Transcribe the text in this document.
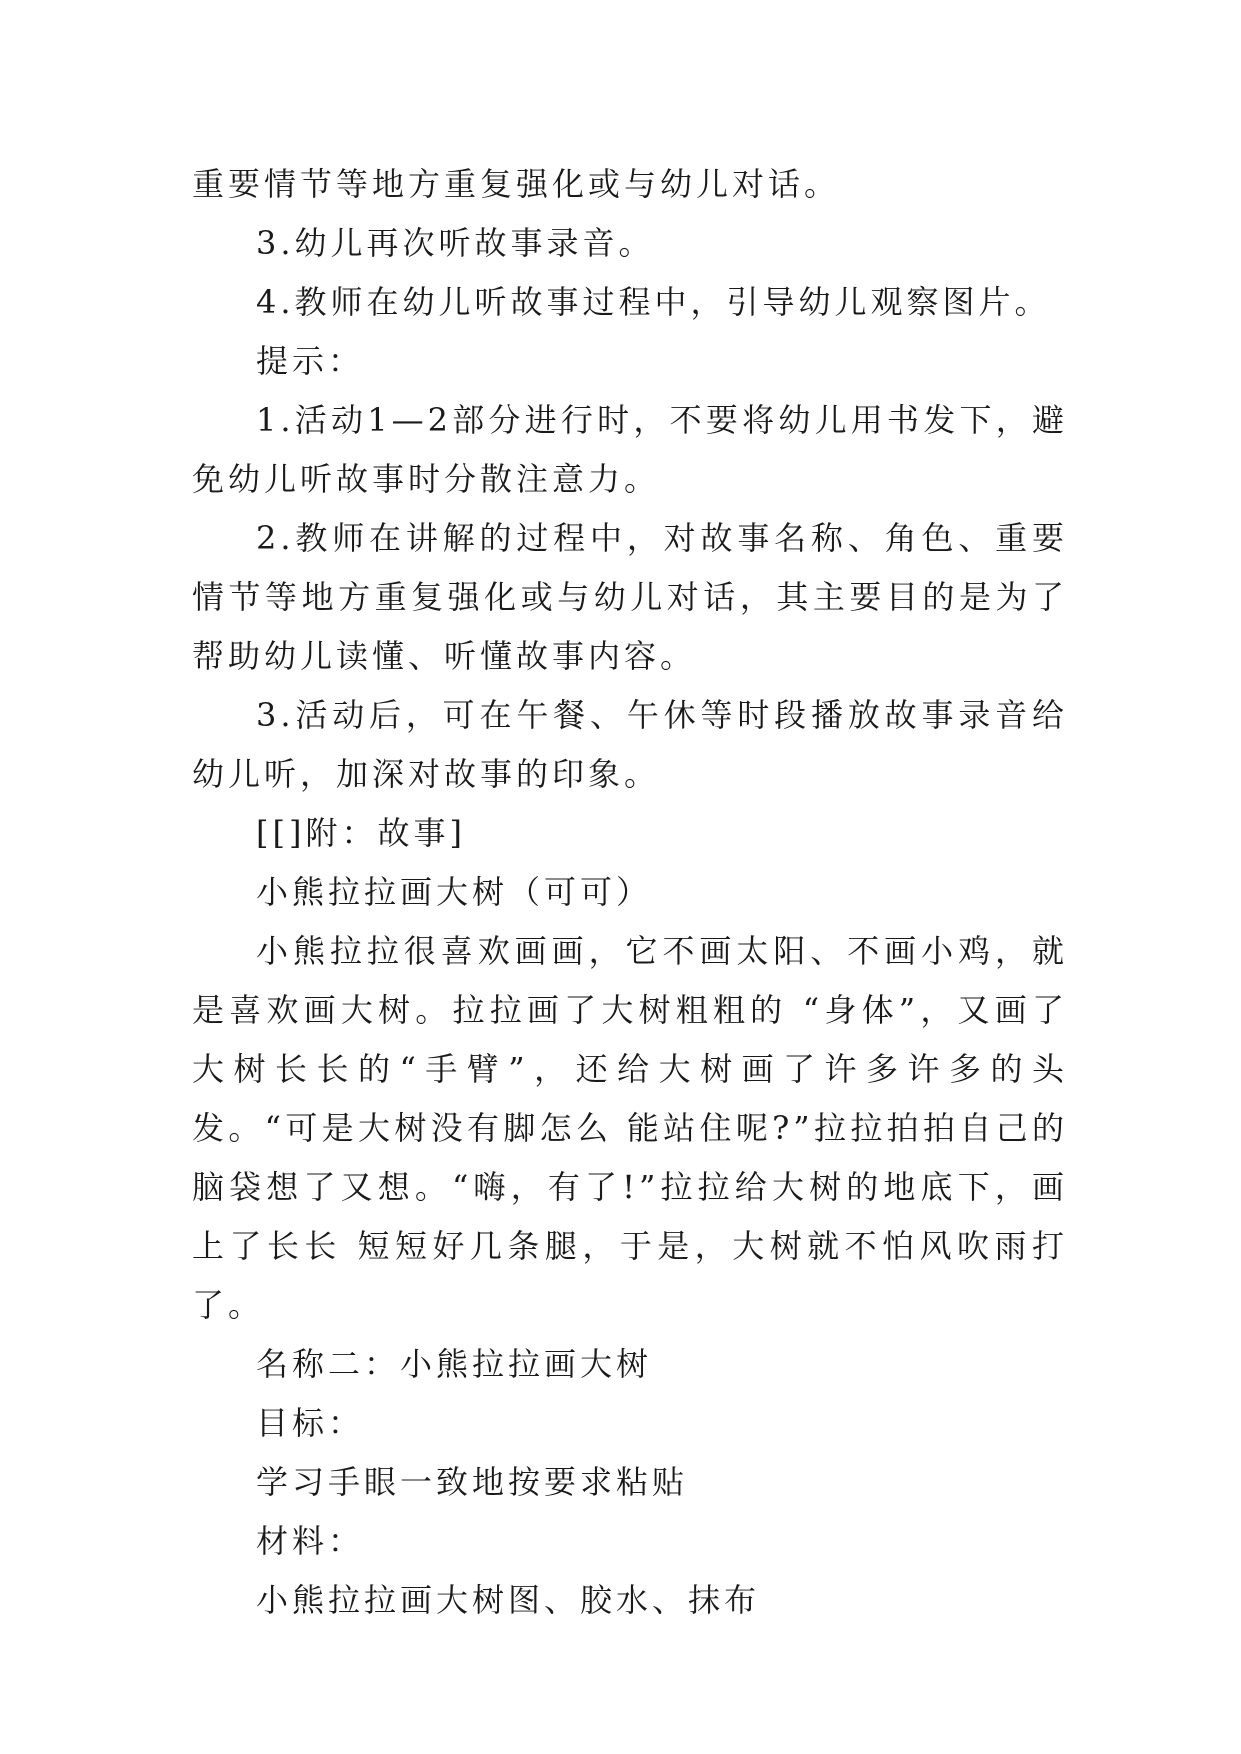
重要情节等地方重复强化或与幼儿对话。

3.幼儿再次听故事录音。

4.教师在幼儿听故事过程中，引导幼儿观察图片。

提示：

1.活动1—2部分进行时，不要将幼儿用书发下，避免幼儿听故事时分散注意力。

2.教师在讲解的过程中，对故事名称、角色、重要情节等地方重复强化或与幼儿对话，其主要目的是为了帮助幼儿读懂、听懂故事内容。

3.活动后，可在午餐、午休等时段播放故事录音给幼儿听，加深对故事的印象。

[[]附：故事]

小熊拉拉画大树（可可）

小熊拉拉很喜欢画画，它不画太阳、不画小鸡，就是喜欢画大树。拉拉画了大树粗粗的 “身体”，又画了大树长长的“手臂”，还给大树画了许多许多的头发。“可是大树没有脚怎么 能站住呢?”拉拉拍拍自己的脑袋想了又想。“嗨，有了!”拉拉给大树的地底下，画上了长长 短短好几条腿，于是，大树就不怕风吹雨打了。

名称二：小熊拉拉画大树

目标：

学习手眼一致地按要求粘贴

材料：

小熊拉拉画大树图、胶水、抹布
